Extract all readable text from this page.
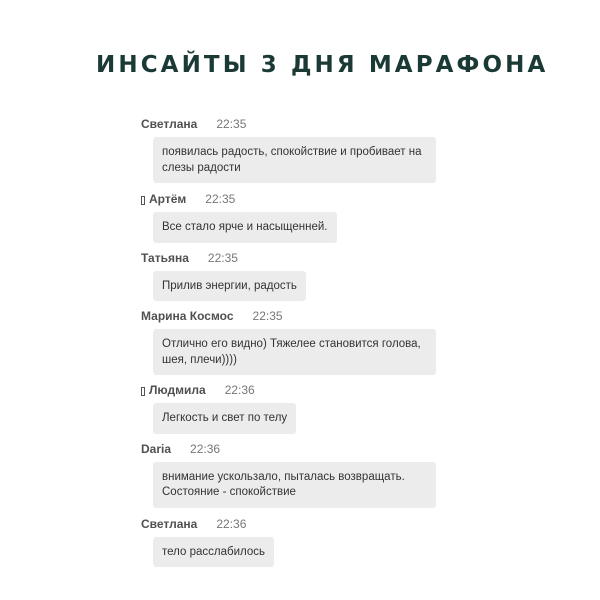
ИНСАЙТЫ 3 ДНЯ МАРАФОНА
Светлана 22:35
появилась радость, спокойствие и пробивает на слезы радости
Артём 22:35
Все стало ярче и насыщенней.
Татьяна 22:35
Прилив энергии, радость
Марина Космос 22:35
Отлично его видно) Тяжелее становится голова, шея, плечи))))
Людмила 22:36
Легкость и свет по телу
Daria 22:36
внимание ускользало, пыталась возвращать. Состояние - спокойствие
Светлана 22:36
тело расслабилось
